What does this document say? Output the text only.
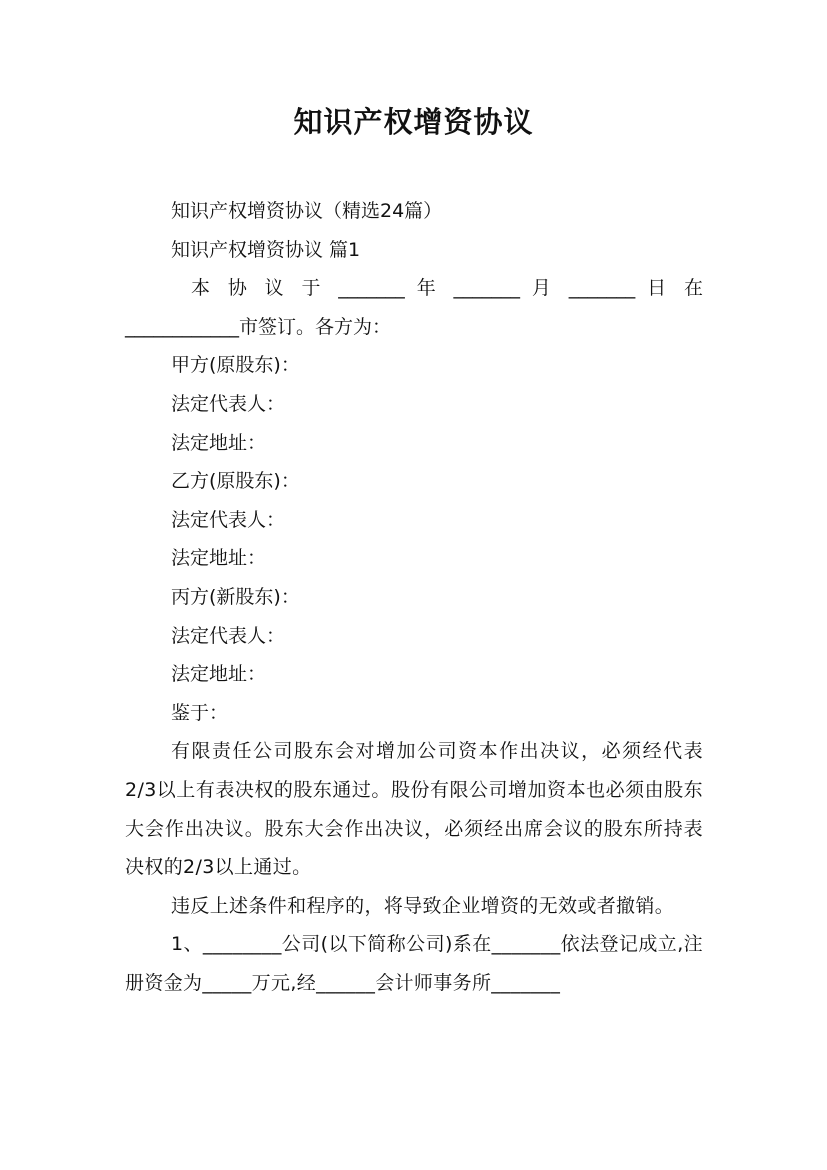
知识产权增资协议

知识产权增资协议（精选24篇）

知识产权增资协议 篇1

本 协 议 于 _______ 年 _______ 月 _______ 日 在

____________市签订。各方为：

甲方(原股东)：

法定代表人：

法定地址：

乙方(原股东)：

法定代表人：

法定地址：

丙方(新股东)：

法定代表人：

法定地址：

鉴于：

有限责任公司股东会对增加公司资本作出决议，必须经代表2/3以上有表决权的股东通过。股份有限公司增加资本也必须由股东大会作出决议。股东大会作出决议，必须经出席会议的股东所持表决权的2/3以上通过。

违反上述条件和程序的，将导致企业增资的无效或者撤销。

1、________公司(以下简称公司)系在_______依法登记成立,注册资金为_____万元,经______会计师事务所_______
